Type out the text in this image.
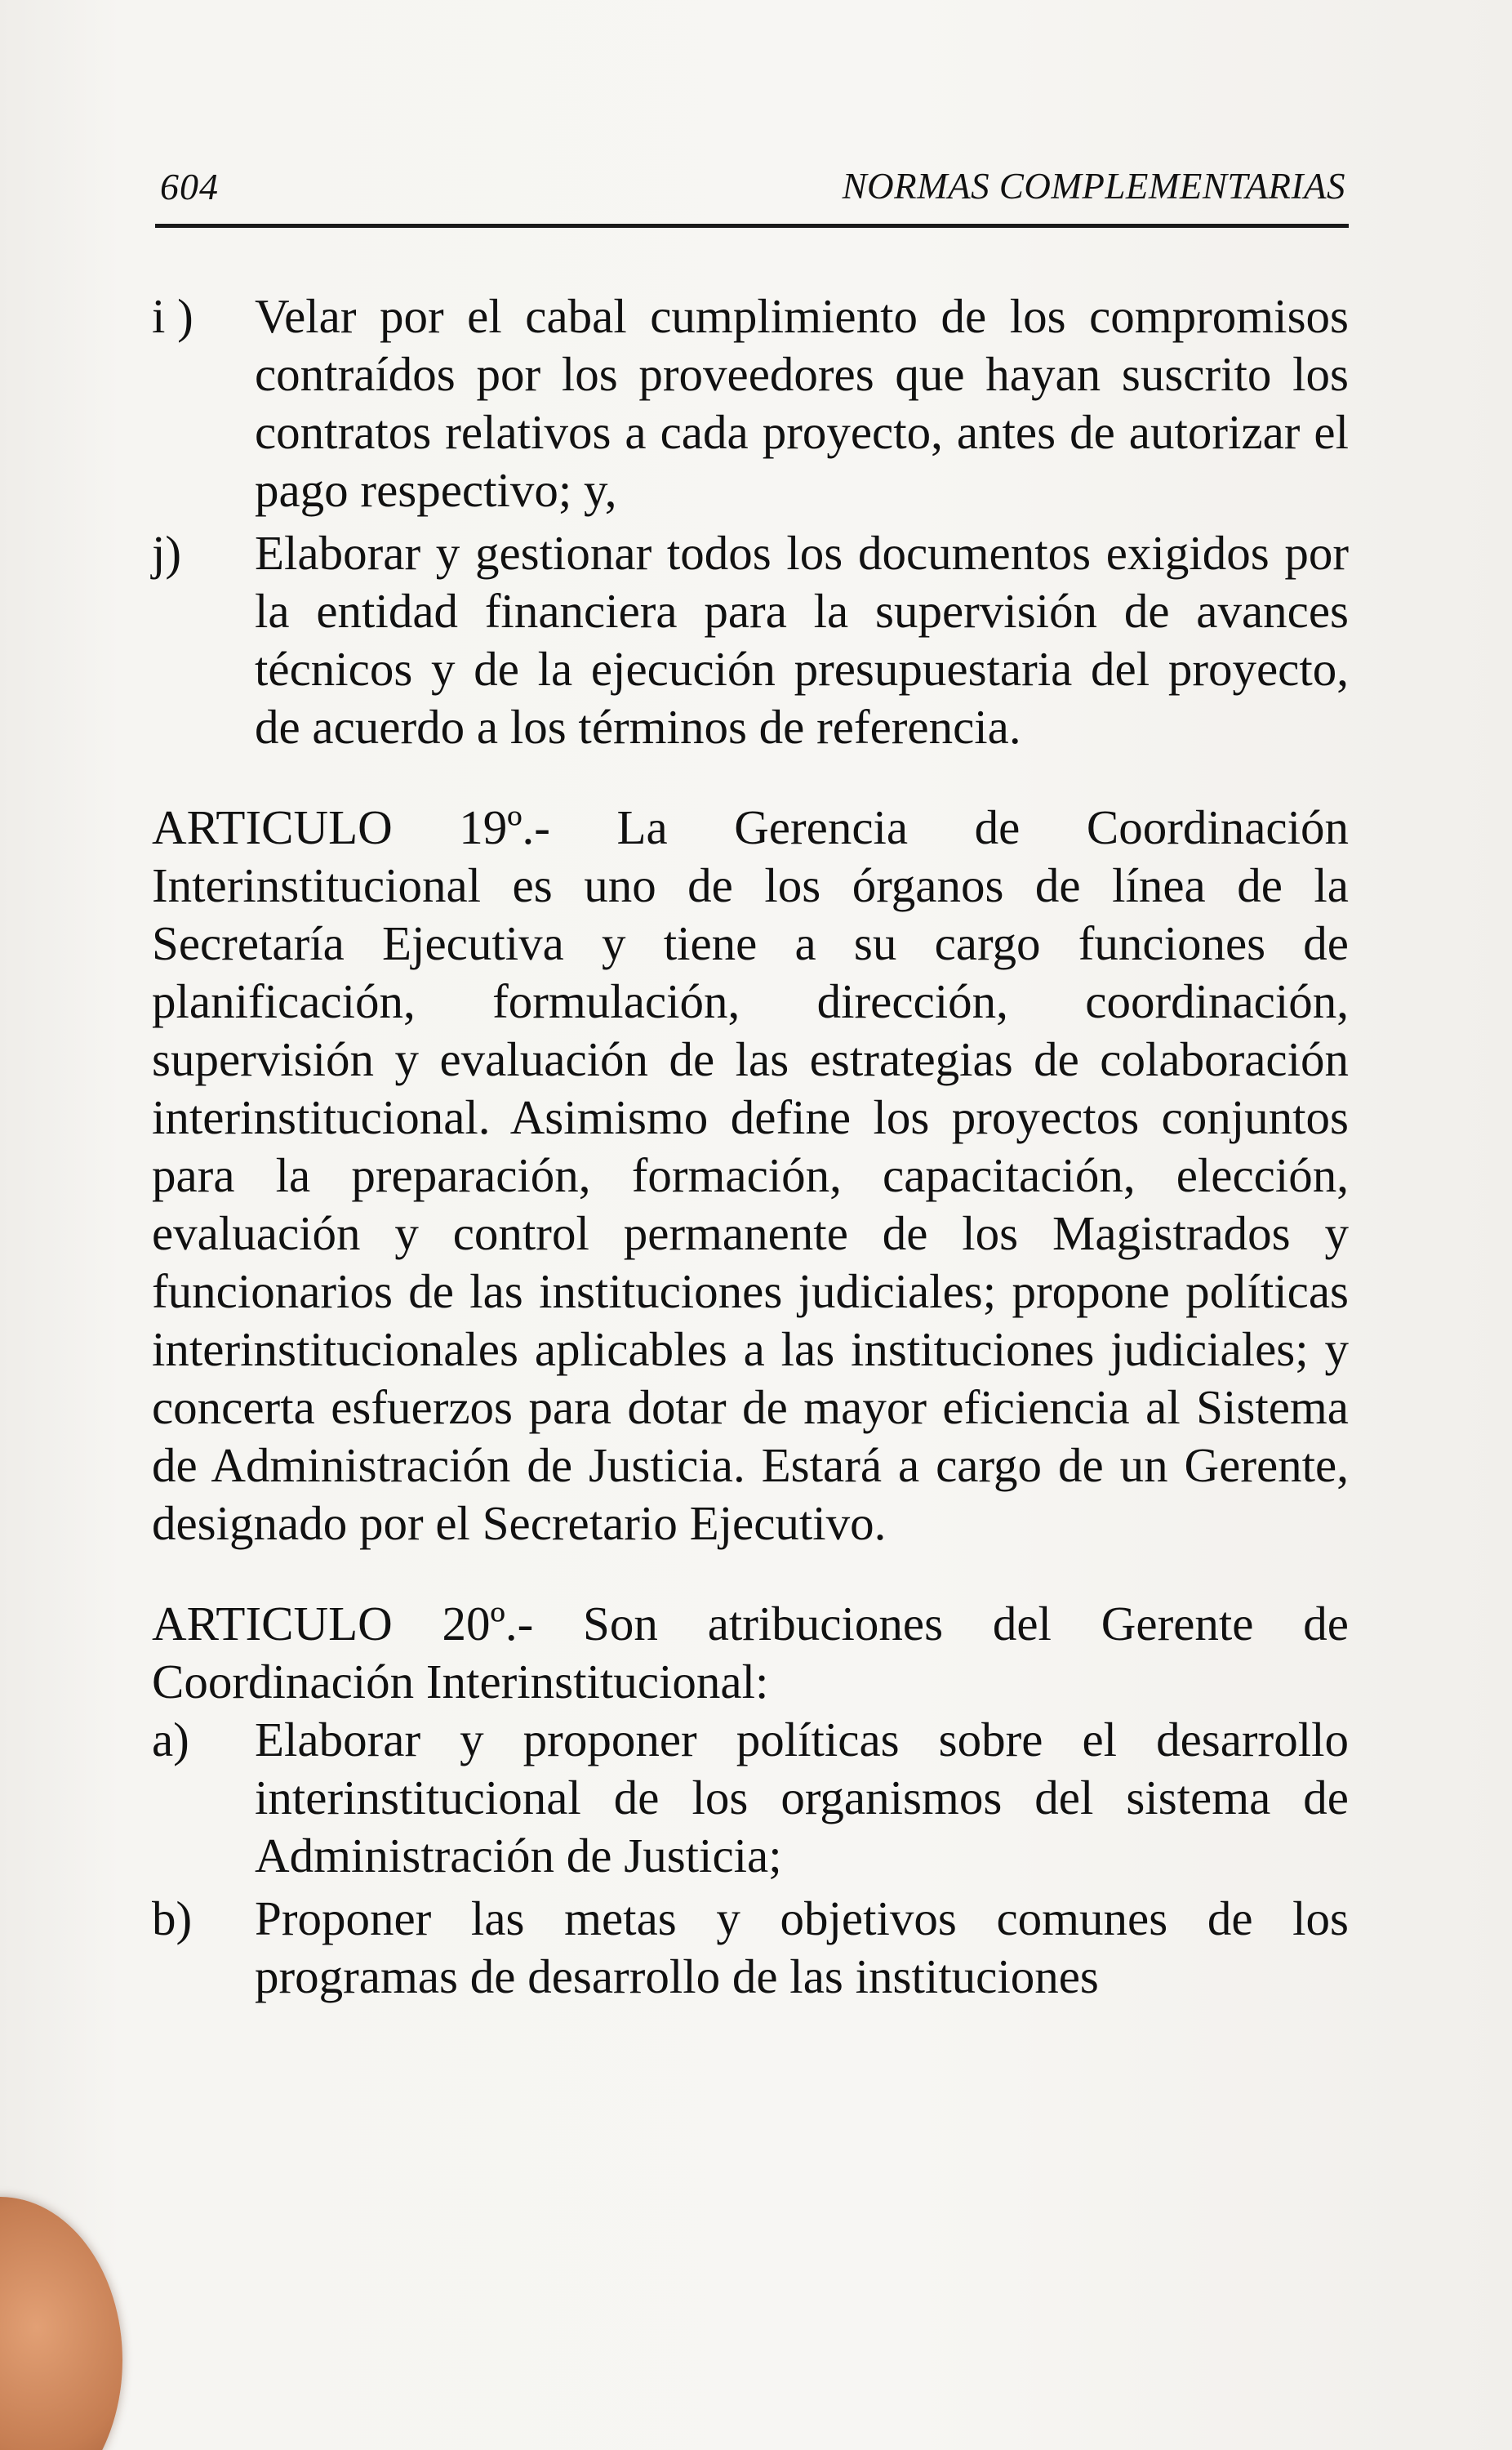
604	NORMAS COMPLEMENTARIAS

i ) Velar por el cabal cumplimiento de los compromisos contraídos por los proveedores que hayan suscrito los contratos relativos a cada proyecto, antes de autorizar el pago respectivo; y,

j) Elaborar y gestionar todos los documentos exigidos por la entidad financiera para la supervisión de avances técnicos y de la ejecución presupuestaria del proyecto, de acuerdo a los términos de referencia.

ARTICULO 19º.- La Gerencia de Coordinación Interinstitucional es uno de los órganos de línea de la Secretaría Ejecutiva y tiene a su cargo funciones de planificación, formulación, dirección, coordinación, supervisión y evaluación de las estrategias de colaboración interinstitucional. Asimismo define los proyectos conjuntos para la preparación, formación, capacitación, elección, evaluación y control permanente de los Magistrados y funcionarios de las instituciones judiciales; propone políticas interinstitucionales aplicables a las instituciones judiciales; y concerta esfuerzos para dotar de mayor eficiencia al Sistema de Administración de Justicia. Estará a cargo de un Gerente, designado por el Secretario Ejecutivo.

ARTICULO 20º.- Son atribuciones del Gerente de Coordinación Interinstitucional:

a) Elaborar y proponer políticas sobre el desarrollo interinstitucional de los organismos del sistema de Administración de Justicia;

b) Proponer las metas y objetivos comunes de los programas de desarrollo de las instituciones
